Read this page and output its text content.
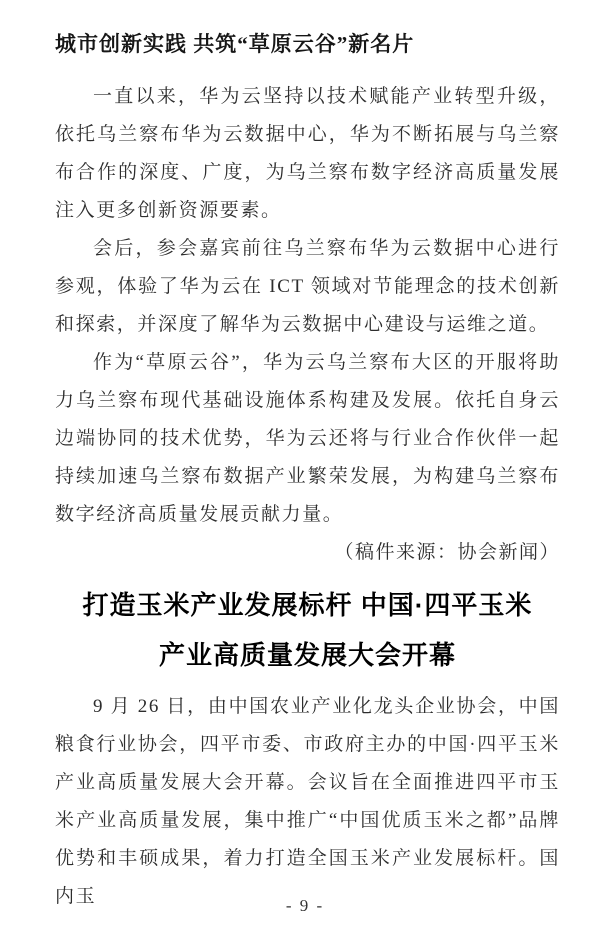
城市创新实践 共筑“草原云谷”新名片

一直以来，华为云坚持以技术赋能产业转型升级，依托乌兰察布华为云数据中心，华为不断拓展与乌兰察布合作的深度、广度，为乌兰察布数字经济高质量发展注入更多创新资源要素。

会后，参会嘉宾前往乌兰察布华为云数据中心进行参观，体验了华为云在 ICT 领域对节能理念的技术创新和探索，并深度了解华为云数据中心建设与运维之道。

作为“草原云谷”，华为云乌兰察布大区的开服将助力乌兰察布现代基础设施体系构建及发展。依托自身云边端协同的技术优势，华为云还将与行业合作伙伴一起持续加速乌兰察布数据产业繁荣发展，为构建乌兰察布数字经济高质量发展贡献力量。

（稿件来源：协会新闻）

打造玉米产业发展标杆 中国·四平玉米
产业高质量发展大会开幕

9 月 26 日，由中国农业产业化龙头企业协会，中国粮食行业协会，四平市委、市政府主办的中国·四平玉米产业高质量发展大会开幕。会议旨在全面推进四平市玉米产业高质量发展，集中推广“中国优质玉米之都”品牌优势和丰硕成果，着力打造全国玉米产业发展标杆。国内玉	- 9 -
